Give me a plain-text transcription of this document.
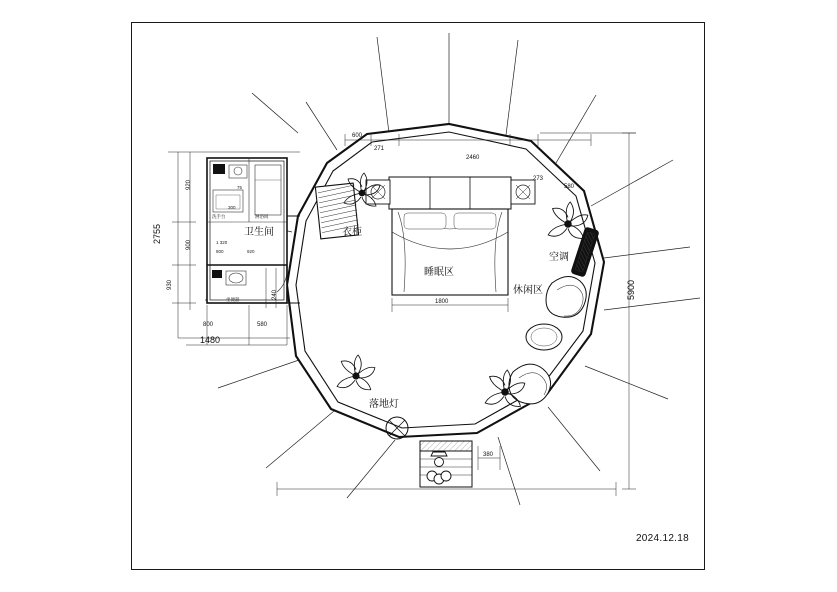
卫生间	衣柜
睡眠区
空调
休闲区
落地灯
5900
2755
1480
920
900
930
800	580
1 320
920
800
75
300
240
洗手台
坐便器
淋浴间
600
271
2460
273
580
1800
380
2024.12.18
